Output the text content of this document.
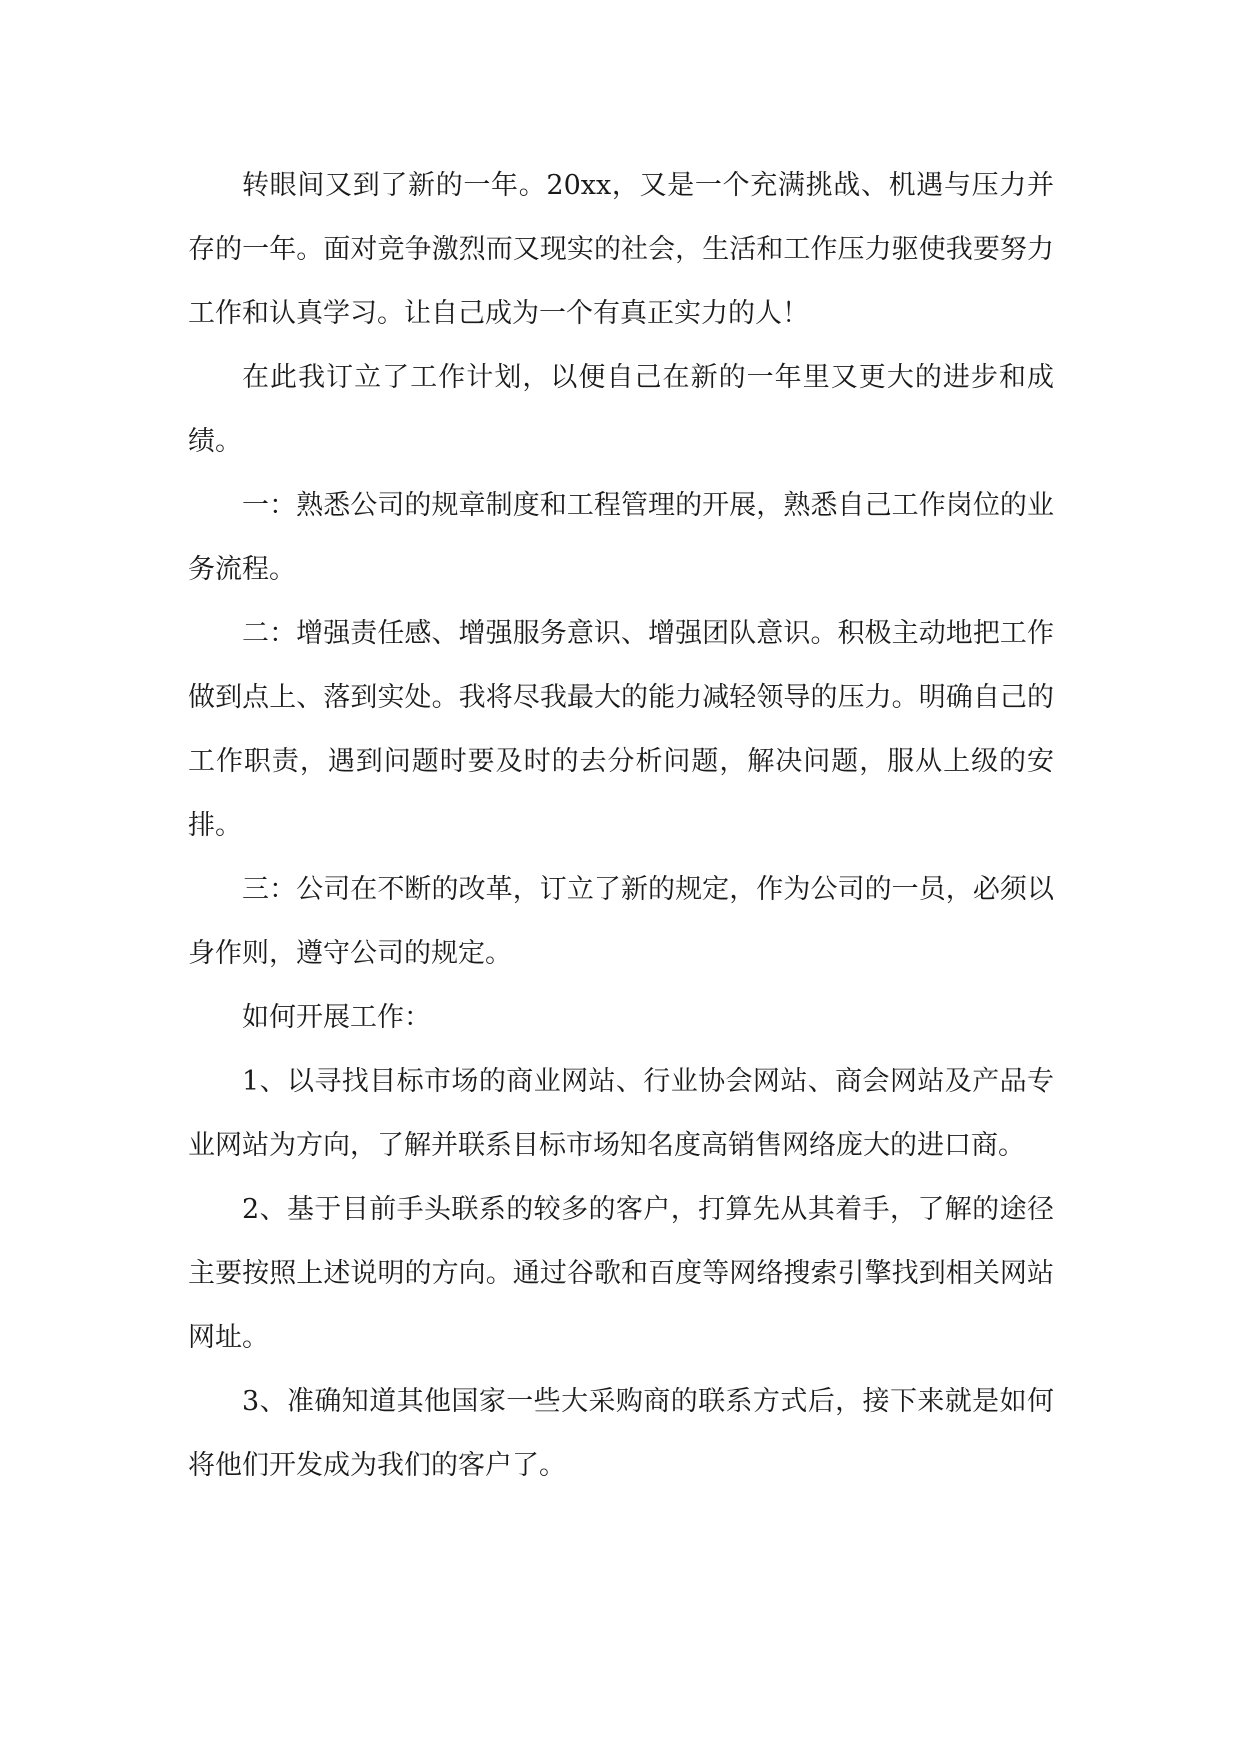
转眼间又到了新的一年。20xx，又是一个充满挑战、机遇与压力并存的一年。面对竞争激烈而又现实的社会，生活和工作压力驱使我要努力工作和认真学习。让自己成为一个有真正实力的人！

在此我订立了工作计划，以便自己在新的一年里又更大的进步和成绩。

一：熟悉公司的规章制度和工程管理的开展，熟悉自己工作岗位的业务流程。

二：增强责任感、增强服务意识、增强团队意识。积极主动地把工作做到点上、落到实处。我将尽我最大的能力减轻领导的压力。明确自己的工作职责，遇到问题时要及时的去分析问题，解决问题，服从上级的安排。

三：公司在不断的改革，订立了新的规定，作为公司的一员，必须以身作则，遵守公司的规定。

如何开展工作：

1、以寻找目标市场的商业网站、行业协会网站、商会网站及产品专业网站为方向，了解并联系目标市场知名度高销售网络庞大的进口商。

2、基于目前手头联系的较多的客户，打算先从其着手，了解的途径主要按照上述说明的方向。通过谷歌和百度等网络搜索引擎找到相关网站网址。

3、准确知道其他国家一些大采购商的联系方式后，接下来就是如何将他们开发成为我们的客户了。
